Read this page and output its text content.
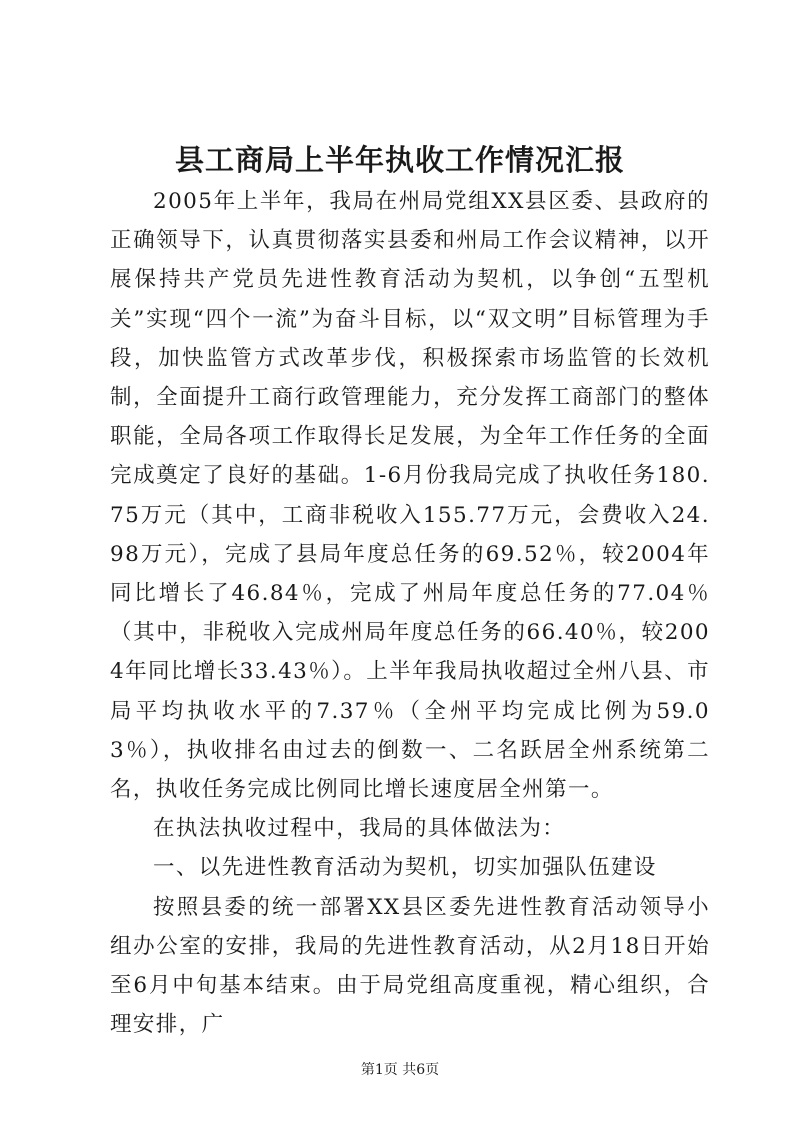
县工商局上半年执收工作情况汇报

2005年上半年，我局在州局党组XX县区委、县政府的正确领导下，认真贯彻落实县委和州局工作会议精神，以开展保持共产党员先进性教育活动为契机，以争创“五型机关”实现“四个一流”为奋斗目标，以“双文明”目标管理为手段，加快监管方式改革步伐，积极探索市场监管的长效机制，全面提升工商行政管理能力，充分发挥工商部门的整体职能，全局各项工作取得长足发展，为全年工作任务的全面完成奠定了良好的基础。1-6月份我局完成了执收任务180.75万元（其中，工商非税收入155.77万元，会费收入24.98万元），完成了县局年度总任务的69.52％，较2004年同比增长了46.84％，完成了州局年度总任务的77.04％（其中，非税收入完成州局年度总任务的66.40％，较2004年同比增长33.43％）。上半年我局执收超过全州八县、市局平均执收水平的7.37％（全州平均完成比例为59.03％），执收排名由过去的倒数一、二名跃居全州系统第二名，执收任务完成比例同比增长速度居全州第一。

在执法执收过程中，我局的具体做法为：

一、以先进性教育活动为契机，切实加强队伍建设

按照县委的统一部署XX县区委先进性教育活动领导小组办公室的安排，我局的先进性教育活动，从2月18日开始至6月中旬基本结束。由于局党组高度重视，精心组织，合理安排，广

第1页 共6页
